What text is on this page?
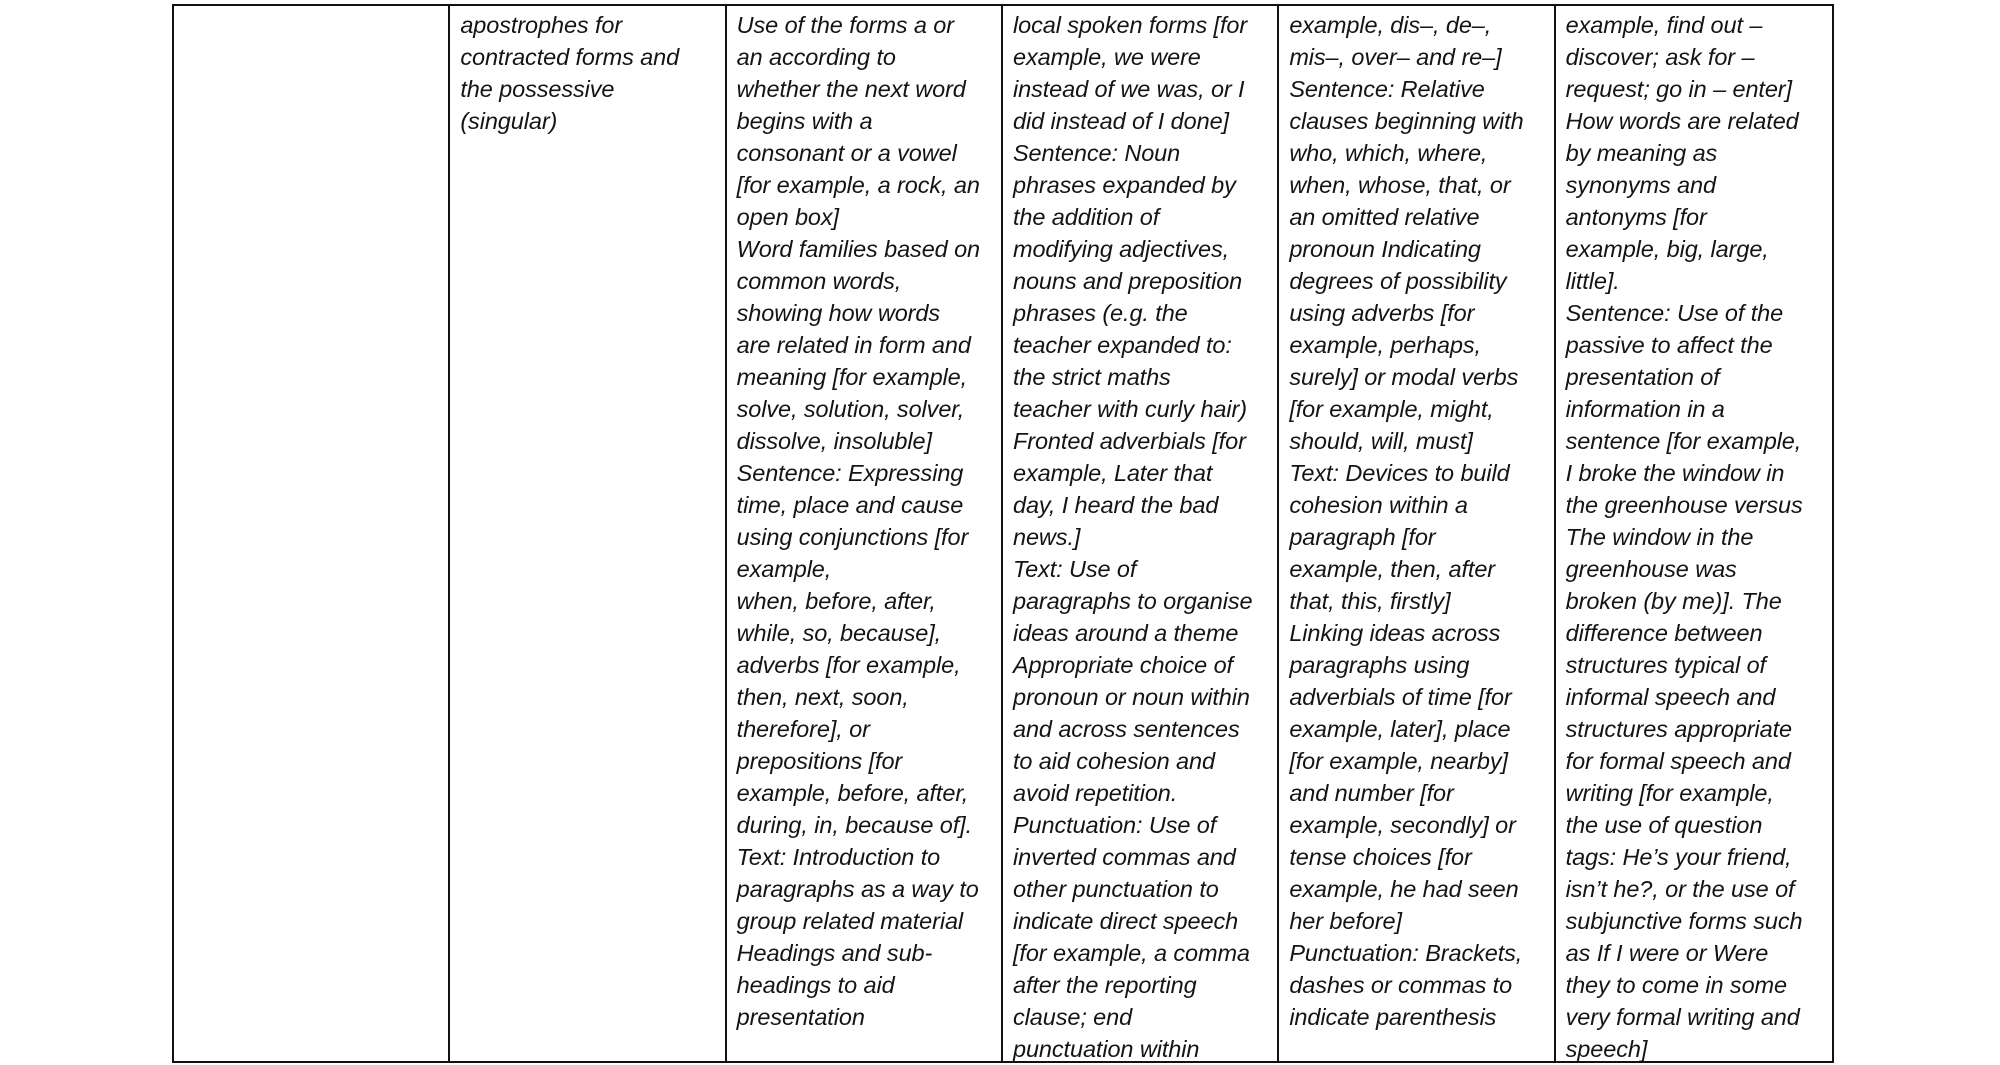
apostrophes for
contracted forms and
the possessive
(singular)
Use of the forms a or
an according to
whether the next word
begins with a
consonant or a vowel
[for example, a rock, an
open box]
Word families based on
common words,
showing how words
are related in form and
meaning [for example,
solve, solution, solver,
dissolve, insoluble]
Sentence: Expressing
time, place and cause
using conjunctions [for
example,
when, before, after,
while, so, because],
adverbs [for example,
then, next, soon,
therefore], or
prepositions [for
example, before, after,
during, in, because of].
Text: Introduction to
paragraphs as a way to
group related material
Headings and sub-
headings to aid
presentation
local spoken forms [for
example, we were
instead of we was, or I
did instead of I done]
Sentence: Noun
phrases expanded by
the addition of
modifying adjectives,
nouns and preposition
phrases (e.g. the
teacher expanded to:
the strict maths
teacher with curly hair)
Fronted adverbials [for
example, Later that
day, I heard the bad
news.]
Text: Use of
paragraphs to organise
ideas around a theme
Appropriate choice of
pronoun or noun within
and across sentences
to aid cohesion and
avoid repetition.
Punctuation: Use of
inverted commas and
other punctuation to
indicate direct speech
[for example, a comma
after the reporting
clause; end
punctuation within
example, dis–, de–,
mis–, over– and re–]
Sentence: Relative
clauses beginning with
who, which, where,
when, whose, that, or
an omitted relative
pronoun Indicating
degrees of possibility
using adverbs [for
example, perhaps,
surely] or modal verbs
[for example, might,
should, will, must]
Text: Devices to build
cohesion within a
paragraph [for
example, then, after
that, this, firstly]
Linking ideas across
paragraphs using
adverbials of time [for
example, later], place
[for example, nearby]
and number [for
example, secondly] or
tense choices [for
example, he had seen
her before]
Punctuation: Brackets,
dashes or commas to
indicate parenthesis
example, find out –
discover; ask for –
request; go in – enter]
How words are related
by meaning as
synonyms and
antonyms [for
example, big, large,
little].
Sentence: Use of the
passive to affect the
presentation of
information in a
sentence [for example,
I broke the window in
the greenhouse versus
The window in the
greenhouse was
broken (by me)]. The
difference between
structures typical of
informal speech and
structures appropriate
for formal speech and
writing [for example,
the use of question
tags: He’s your friend,
isn’t he?, or the use of
subjunctive forms such
as If I were or Were
they to come in some
very formal writing and
speech]
